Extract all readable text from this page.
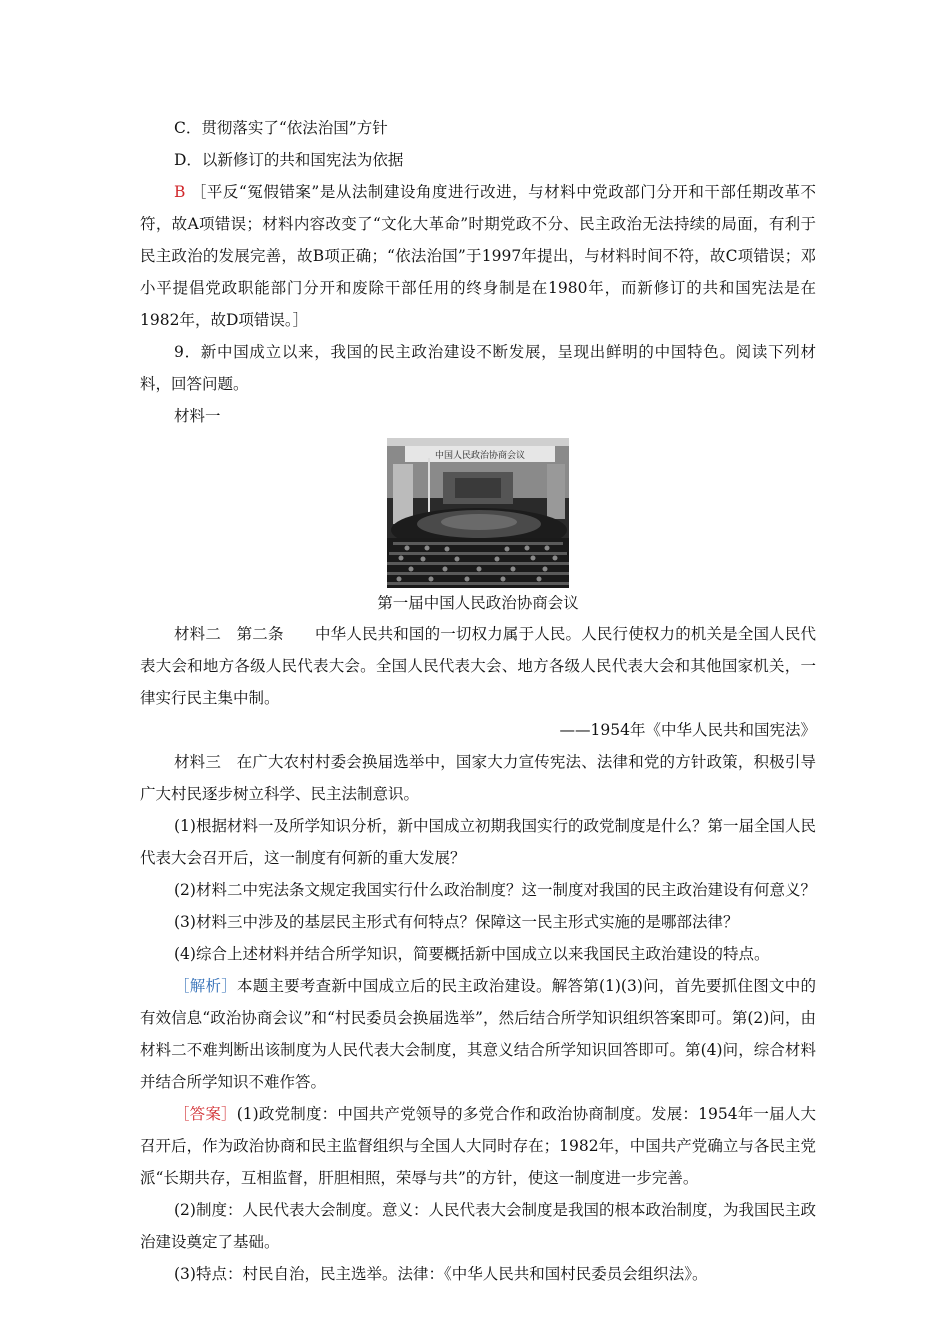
C．贯彻落实了“依法治国”方针

D．以新修订的共和国宪法为依据

B ［平反“冤假错案”是从法制建设角度进行改进，与材料中党政部门分开和干部任期改革不符，故A项错误；材料内容改变了“文化大革命”时期党政不分、民主政治无法持续的局面，有利于民主政治的发展完善，故B项正确；“依法治国”于1997年提出，与材料时间不符，故C项错误；邓小平提倡党政职能部门分开和废除干部任用的终身制是在1980年，而新修订的共和国宪法是在1982年，故D项错误。］

9．新中国成立以来，我国的民主政治建设不断发展，呈现出鲜明的中国特色。阅读下列材料，回答问题。

材料一

中国人民政治协商会议

第一届中国人民政治协商会议

材料二　第二条　　中华人民共和国的一切权力属于人民。人民行使权力的机关是全国人民代表大会和地方各级人民代表大会。全国人民代表大会、地方各级人民代表大会和其他国家机关，一律实行民主集中制。

——1954年《中华人民共和国宪法》

材料三　在广大农村村委会换届选举中，国家大力宣传宪法、法律和党的方针政策，积极引导广大村民逐步树立科学、民主法制意识。

(1)根据材料一及所学知识分析，新中国成立初期我国实行的政党制度是什么？第一届全国人民代表大会召开后，这一制度有何新的重大发展？

(2)材料二中宪法条文规定我国实行什么政治制度？这一制度对我国的民主政治建设有何意义？

(3)材料三中涉及的基层民主形式有何特点？保障这一民主形式实施的是哪部法律？

(4)综合上述材料并结合所学知识，简要概括新中国成立以来我国民主政治建设的特点。

［解析］本题主要考查新中国成立后的民主政治建设。解答第(1)(3)问，首先要抓住图文中的有效信息“政治协商会议”和“村民委员会换届选举”，然后结合所学知识组织答案即可。第(2)问，由材料二不难判断出该制度为人民代表大会制度，其意义结合所学知识回答即可。第(4)问，综合材料并结合所学知识不难作答。

［答案］(1)政党制度：中国共产党领导的多党合作和政治协商制度。发展：1954年一届人大召开后，作为政治协商和民主监督组织与全国人大同时存在；1982年，中国共产党确立与各民主党派“长期共存，互相监督，肝胆相照，荣辱与共”的方针，使这一制度进一步完善。

(2)制度：人民代表大会制度。意义：人民代表大会制度是我国的根本政治制度，为我国民主政治建设奠定了基础。

(3)特点：村民自治，民主选举。法律：《中华人民共和国村民委员会组织法》。
